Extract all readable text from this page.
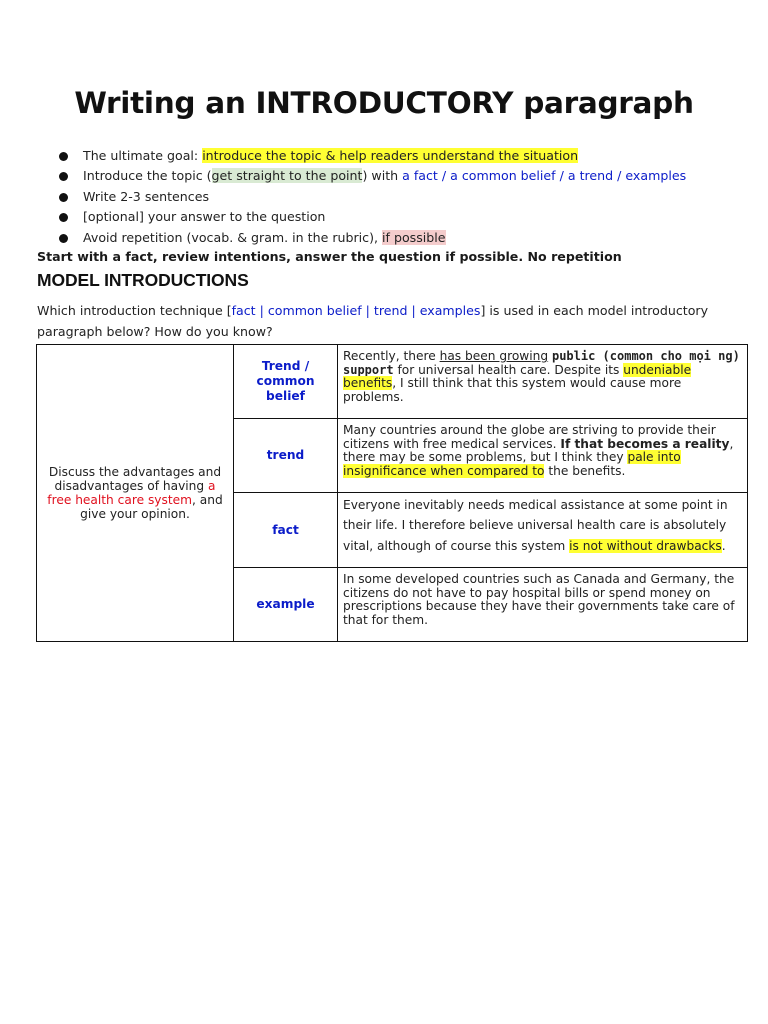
Writing an INTRODUCTORY paragraph
The ultimate goal: introduce the topic & help readers understand the situation
Introduce the topic (get straight to the point) with a fact / a common belief / a trend / examples
Write 2-3 sentences
[optional] your answer to the question
Avoid repetition (vocab. & gram. in the rubric), if possible
Start with a fact, review intentions, answer the question if possible. No repetition
MODEL INTRODUCTIONS
Which introduction technique [fact | common belief | trend | examples] is used in each model introductory paragraph below? How do you know?
Discuss the advantages and disadvantages of having a free health care system, and give your opinion.	Trend / common belief	Recently, there has been growing public (common cho mọi ng) support for universal health care. Despite its undeniable benefits, I still think that this system would cause more problems.
	trend	Many countries around the globe are striving to provide their citizens with free medical services. If that becomes a reality, there may be some problems, but I think they pale into insignificance when compared to the benefits.
	fact	Everyone inevitably needs medical assistance at some point in their life. I therefore believe universal health care is absolutely vital, although of course this system is not without drawbacks.
	example	In some developed countries such as Canada and Germany, the citizens do not have to pay hospital bills or spend money on prescriptions because they have their governments take care of that for them.
